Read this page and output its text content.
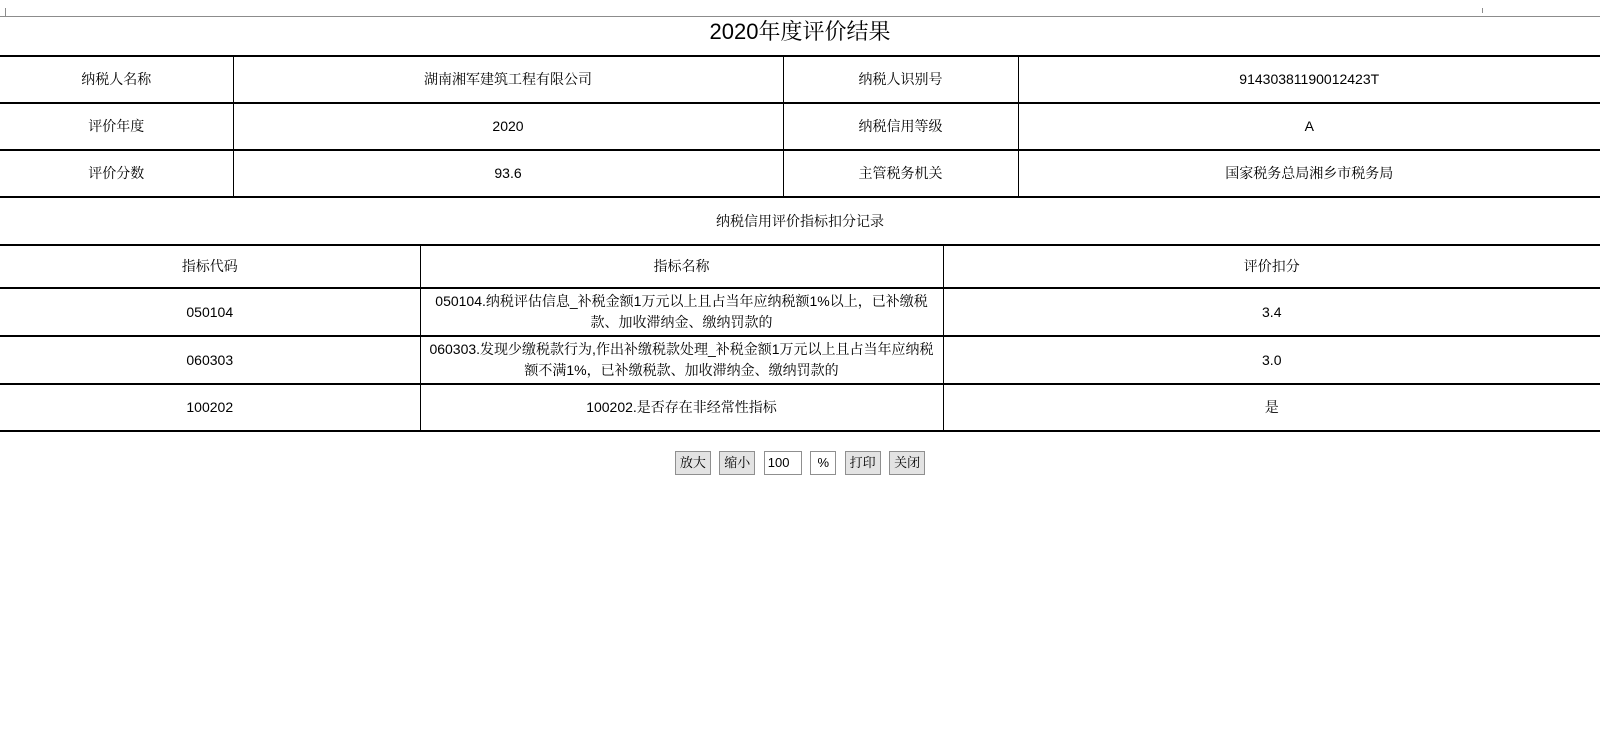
2020年度评价结果
纳税人名称	湖南湘军建筑工程有限公司	纳税人识别号	91430381190012423T
评价年度	2020	纳税信用等级	A
评价分数	93.6	主管税务机关	国家税务总局湘乡市税务局
纳税信用评价指标扣分记录
指标代码	指标名称	评价扣分
050104	050104.纳税评估信息_补税金额1万元以上且占当年应纳税额1%以上，已补缴税款、加收滞纳金、缴纳罚款的	3.4
060303	060303.发现少缴税款行为,作出补缴税款处理_补税金额1万元以上且占当年应纳税额不满1%，已补缴税款、加收滞纳金、缴纳罚款的	3.0
100202	100202.是否存在非经常性指标	是
放大 缩小 100	% 打印 关闭
